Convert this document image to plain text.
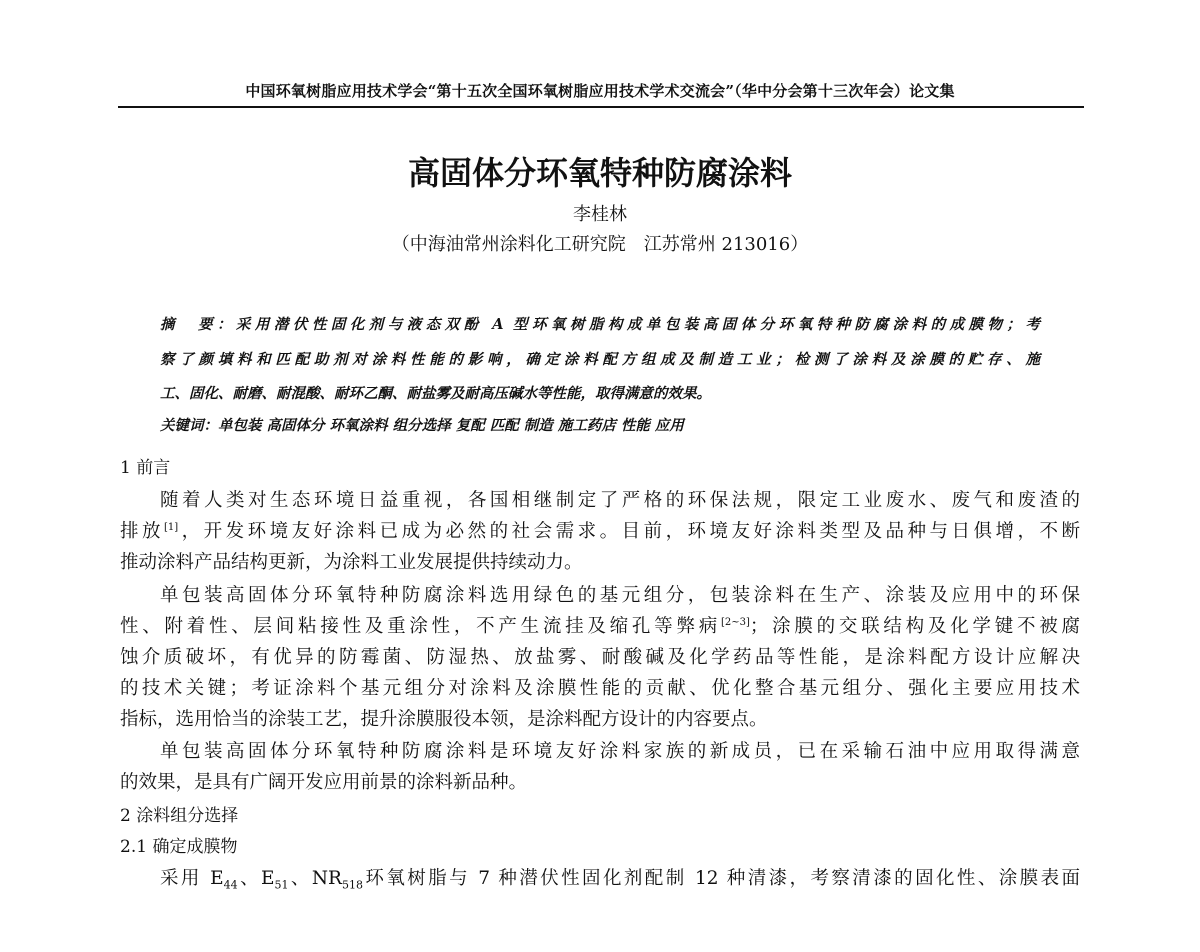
中国环氧树脂应用技术学会“第十五次全国环氧树脂应用技术学术交流会”（华中分会第十三次年会）论文集
高固体分环氧特种防腐涂料
李桂林
（中海油常州涂料化工研究院　江苏常州 213016）
摘　要：采用潜伏性固化剂与液态双酚 A 型环氧树脂构成单包装高固体分环氧特种防腐涂料的成膜物；考
察了颜填料和匹配助剂对涂料性能的影响，确定涂料配方组成及制造工业；检测了涂料及涂膜的贮存、施
工、固化、耐磨、耐混酸、耐环乙酮、耐盐雾及耐高压碱水等性能，取得满意的效果。
关键词：单包装 高固体分 环氧涂料 组分选择 复配 匹配 制造 施工药店 性能 应用
1 前言
随着人类对生态环境日益重视，各国相继制定了严格的环保法规，限定工业废水、废气和废渣的
排放[1]，开发环境友好涂料已成为必然的社会需求。目前，环境友好涂料类型及品种与日俱增，不断
推动涂料产品结构更新，为涂料工业发展提供持续动力。
单包装高固体分环氧特种防腐涂料选用绿色的基元组分，包装涂料在生产、涂装及应用中的环保
性、附着性、层间粘接性及重涂性，不产生流挂及缩孔等弊病[2~3]；涂膜的交联结构及化学键不被腐
蚀介质破坏，有优异的防霉菌、防湿热、放盐雾、耐酸碱及化学药品等性能，是涂料配方设计应解决
的技术关键；考证涂料个基元组分对涂料及涂膜性能的贡献、优化整合基元组分、强化主要应用技术
指标，选用恰当的涂装工艺，提升涂膜服役本领，是涂料配方设计的内容要点。
单包装高固体分环氧特种防腐涂料是环境友好涂料家族的新成员，已在采输石油中应用取得满意
的效果，是具有广阔开发应用前景的涂料新品种。
2 涂料组分选择
2.1 确定成膜物
采用 $E_{44}$、$E_{51}$、$NR_{518}$环氧树脂与 7 种潜伏性固化剂配制 12 种清漆，考察清漆的固化性、涂膜表面
